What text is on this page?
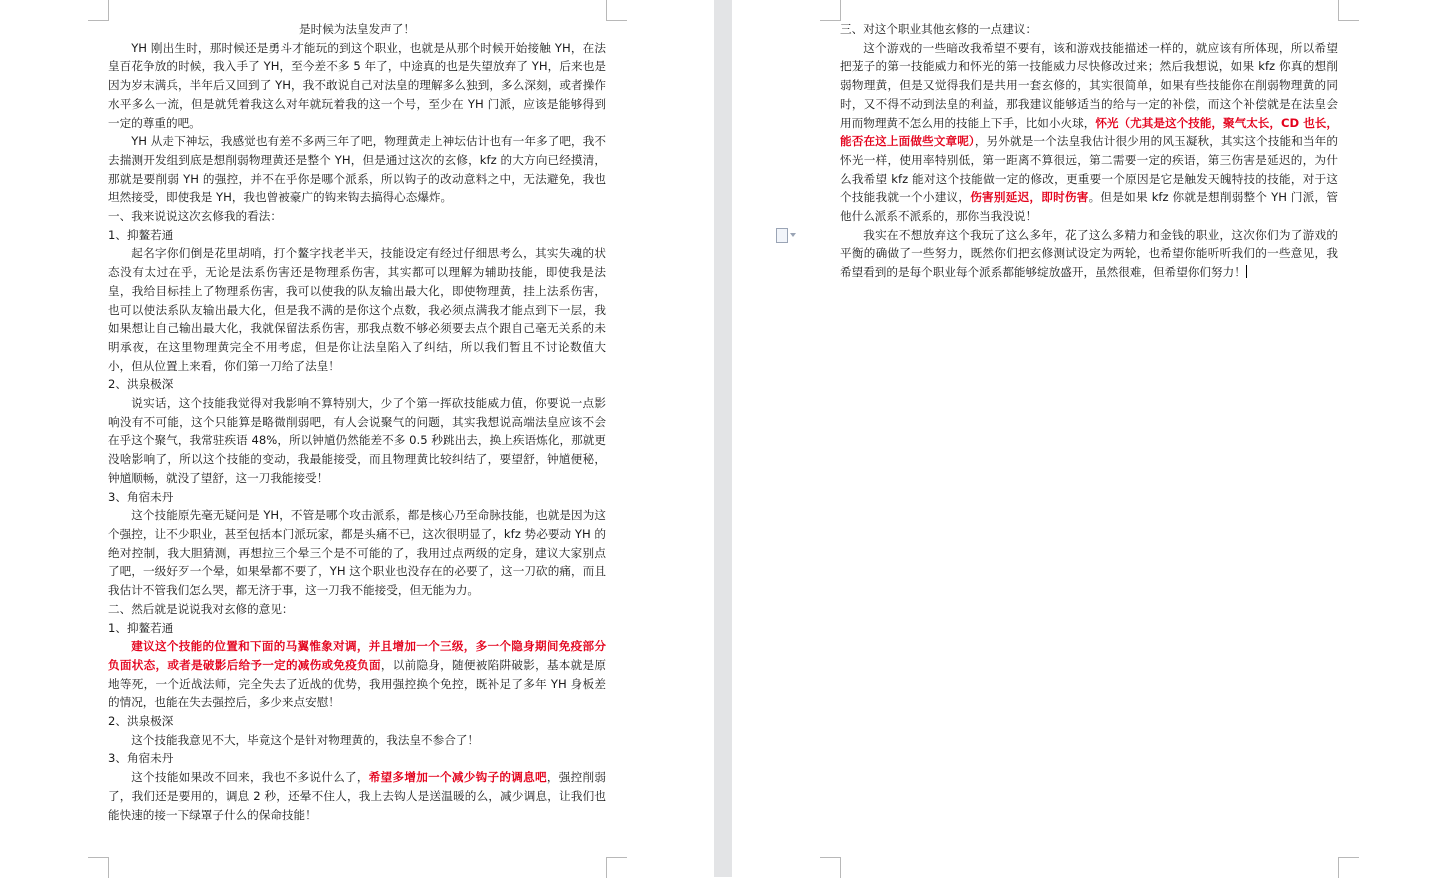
是时候为法皇发声了！

YH 刚出生时，那时候还是勇斗才能玩的到这个职业，也就是从那个时候开始接触 YH，在法皇百花争放的时候，我入手了 YH，至今差不多 5 年了，中途真的也是失望放弃了 YH，后来也是因为岁末满兵，半年后又回到了 YH，我不敢说自己对法皇的理解多么独到，多么深刻，或者操作水平多么一流，但是就凭着我这么对年就玩着我的这一个号，至少在 YH 门派，应该是能够得到一定的尊重的吧。

YH 从走下神坛，我感觉也有差不多两三年了吧，物理黄走上神坛估计也有一年多了吧，我不去揣测开发组到底是想削弱物理黄还是整个 YH，但是通过这次的玄修，kfz 的大方向已经摸清，那就是要削弱 YH 的强控，并不在乎你是哪个派系，所以钩子的改动意料之中，无法避免，我也坦然接受，即使我是 YH，我也曾被豪广的钩来钩去搞得心态爆炸。

一、我来说说这次玄修我的看法：

1、抑鳌若通

起名字你们倒是花里胡哨，打个鳌字找老半天，技能设定有经过仔细思考么，其实失魂的状态没有太过在乎，无论是法系伤害还是物理系伤害，其实都可以理解为辅助技能，即使我是法皇，我给目标挂上了物理系伤害，我可以使我的队友输出最大化，即使物理黄，挂上法系伤害，也可以使法系队友输出最大化，但是我不满的是你这个点数，我必须点满我才能点到下一层，我如果想让自己输出最大化，我就保留法系伤害，那我点数不够必须要去点个跟自己毫无关系的未明承夜，在这里物理黄完全不用考虑，但是你让法皇陷入了纠结，所以我们暂且不讨论数值大小，但从位置上来看，你们第一刀给了法皇！

2、洪泉极深

说实话，这个技能我觉得对我影响不算特别大，少了个第一挥砍技能威力值，你要说一点影响没有不可能，这个只能算是略微削弱吧，有人会说聚气的问题，其实我想说高端法皇应该不会在乎这个聚气，我常驻疾语 48%，所以钟馗仍然能差不多 0.5 秒跳出去，换上疾语炼化，那就更没啥影响了，所以这个技能的变动，我最能接受，而且物理黄比较纠结了，要望舒，钟馗便秘，钟馗顺畅，就没了望舒，这一刀我能接受！

3、角宿未丹

这个技能原先毫无疑问是 YH，不管是哪个攻击派系，都是核心乃至命脉技能，也就是因为这个强控，让不少职业，甚至包括本门派玩家，都是头痛不已，这次很明显了，kfz 势必要动 YH 的绝对控制，我大胆猜测，再想拉三个晕三个是不可能的了，我用过点两级的定身，建议大家别点了吧，一级好歹一个晕，如果晕都不要了，YH 这个职业也没存在的必要了，这一刀砍的痛，而且我估计不管我们怎么哭，都无济于事，这一刀我不能接受，但无能为力。

二、然后就是说说我对玄修的意见：

1、抑鳌若通

建议这个技能的位置和下面的马翼惟象对调，并且增加一个三级，多一个隐身期间免疫部分负面状态，或者是破影后给予一定的减伤或免疫负面，以前隐身，随便被陷阱破影，基本就是原地等死，一个近战法师，完全失去了近战的优势，我用强控换个免控，既补足了多年 YH 身板差的情况，也能在失去强控后，多少来点安慰！

2、洪泉极深

这个技能我意见不大，毕竟这个是针对物理黄的，我法皇不参合了！

3、角宿未丹

这个技能如果改不回来，我也不多说什么了，希望多增加一个减少钩子的调息吧，强控削弱了，我们还是要用的，调息 2 秒，还晕不住人，我上去钩人是送温暖的么，减少调息，让我们也能快速的接一下绿罩子什么的保命技能！

三、对这个职业其他玄修的一点建议：

这个游戏的一些暗改我希望不要有，该和游戏技能描述一样的，就应该有所体现，所以希望把茏子的第一技能威力和怀光的第一技能威力尽快修改过来；然后我想说，如果 kfz 你真的想削弱物理黄，但是又觉得我们是共用一套玄修的，其实很简单，如果有些技能你在削弱物理黄的同时，又不得不动到法皇的利益，那我建议能够适当的给与一定的补偿，而这个补偿就是在法皇会用而物理黄不怎么用的技能上下手，比如小火球，怀光（尤其是这个技能，聚气太长，CD 也长，能否在这上面做些文章呢），另外就是一个法皇我估计很少用的风玉凝秋，其实这个技能和当年的怀光一样，使用率特别低，第一距离不算很远，第二需要一定的疾语，第三伤害是延迟的，为什么我希望 kfz 能对这个技能做一定的修改，更重要一个原因是它是触发天魄特技的技能，对于这个技能我就一个小建议，伤害别延迟，即时伤害。但是如果 kfz 你就是想削弱整个 YH 门派，管他什么派系不派系的，那你当我没说！

我实在不想放弃这个我玩了这么多年，花了这么多精力和金钱的职业，这次你们为了游戏的平衡的确做了一些努力，既然你们把玄修测试设定为两轮，也希望你能听听我们的一些意见，我希望看到的是每个职业每个派系都能够绽放盛开，虽然很难，但希望你们努力！
